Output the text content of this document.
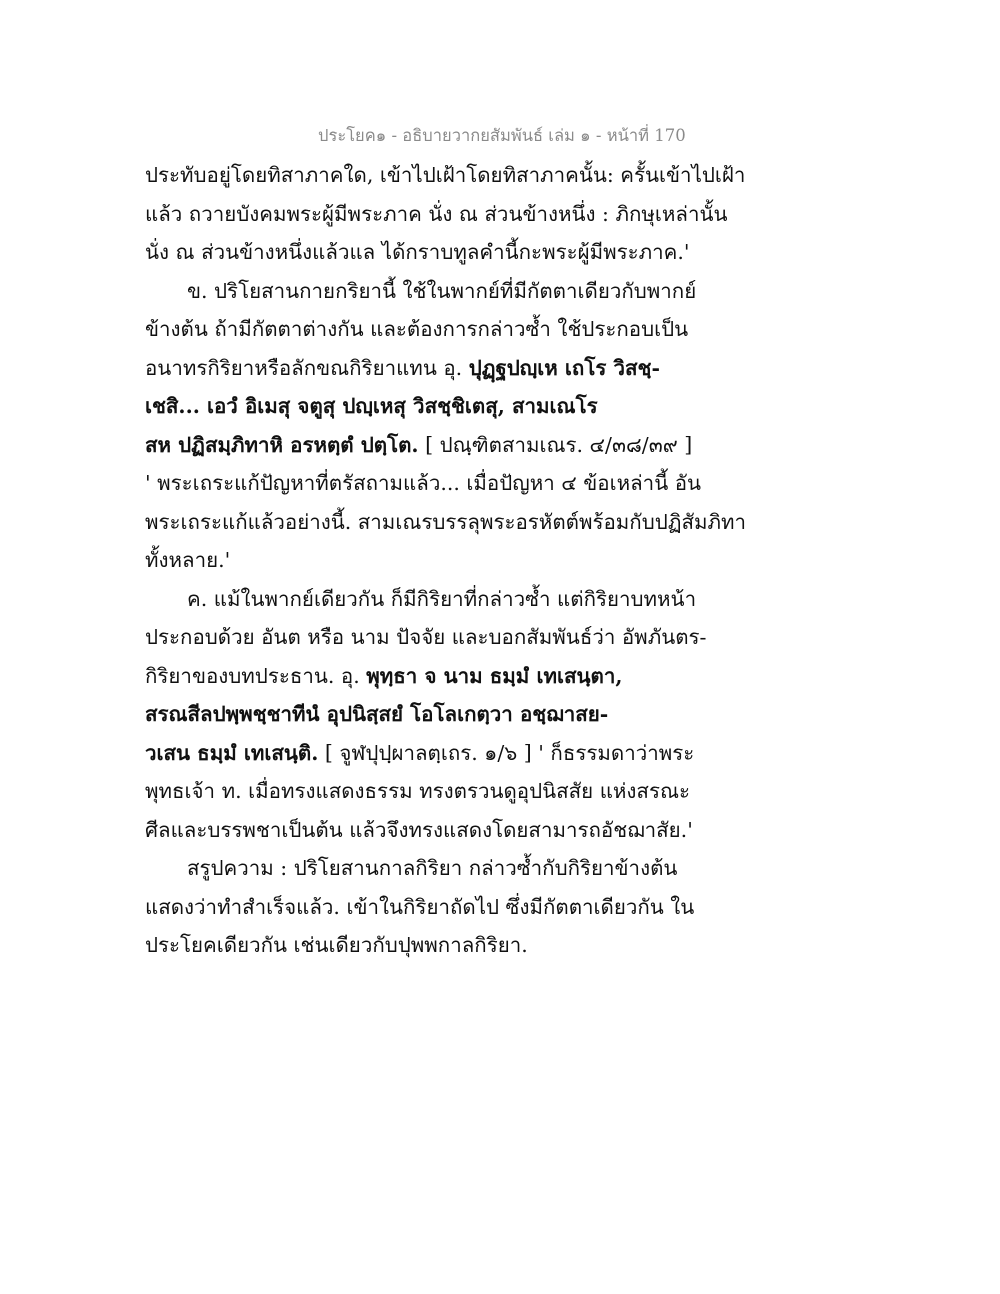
ประโยค๑ - อธิบายวากยสัมพันธ์ เล่ม ๑ - หน้าที่ 170
ประทับอยู่โดยทิสาภาคใด, เข้าไปเฝ้าโดยทิสาภาคนั้น: ครั้นเข้าไปเฝ้า
แล้ว ถวายบังคมพระผู้มีพระภาค นั่ง ณ ส่วนข้างหนึ่ง : ภิกษุเหล่านั้น
นั่ง ณ ส่วนข้างหนึ่งแล้วแล ได้กราบทูลคำนี้กะพระผู้มีพระภาค.'
ข. ปริโยสานกายกริยานี้ ใช้ในพากย์ที่มีกัตตาเดียวกับพากย์
ข้างต้น ถ้ามีกัตตาต่างกัน และต้องการกล่าวซ้ำ ใช้ประกอบเป็น
อนาทรกิริยาหรือลักขณกิริยาแทน อุ. ปุฏฺฐปญฺเห เถโร วิสชฺ-
เชสิ... เอวํ อิเมสุ จตูสุ ปญฺเหสุ วิสชฺชิเตสุ, สามเณโร
สห ปฏิสมฺภิทาหิ อรหตฺตํ ปตฺโต. [ ปณฺฑิตสามเณร. ๔/๓๘/๓๙ ]
' พระเถระแก้ปัญหาที่ตรัสถามแล้ว... เมื่อปัญหา ๔ ข้อเหล่านี้ อัน
พระเถระแก้แล้วอย่างนี้. สามเณรบรรลุพระอรหัตต์พร้อมกับปฏิสัมภิทา
ทั้งหลาย.'
ค. แม้ในพากย์เดียวกัน ก็มีกิริยาที่กล่าวซ้ำ แต่กิริยาบทหน้า
ประกอบด้วย อันต หรือ นาม ปัจจัย และบอกสัมพันธ์ว่า อัพภันตร-
กิริยาของบทประธาน. อุ. พุทฺธา จ นาม ธมฺมํ เทเสนฺตา,
สรณสีลปพฺพชฺชาทีนํ อุปนิสฺสยํ โอโลเกตฺวา อชฺฌาสย-
วเสน ธมฺมํ เทเสนฺติ. [ จูฬปุปฺผาลตฺเถร. ๑/๖ ] ' ก็ธรรมดาว่าพระ
พุทธเจ้า ท. เมื่อทรงแสดงธรรม ทรงตรวนดูอุปนิสสัย แห่งสรณะ
ศีลและบรรพชาเป็นต้น แล้วจึงทรงแสดงโดยสามารถอัชฌาสัย.'
สรูปความ : ปริโยสานกาลกิริยา กล่าวซ้ำกับกิริยาข้างต้น
แสดงว่าทำสำเร็จแล้ว. เข้าในกิริยาถัดไป ซึ่งมีกัตตาเดียวกัน ใน
ประโยคเดียวกัน เช่นเดียวกับปุพพกาลกิริยา.
